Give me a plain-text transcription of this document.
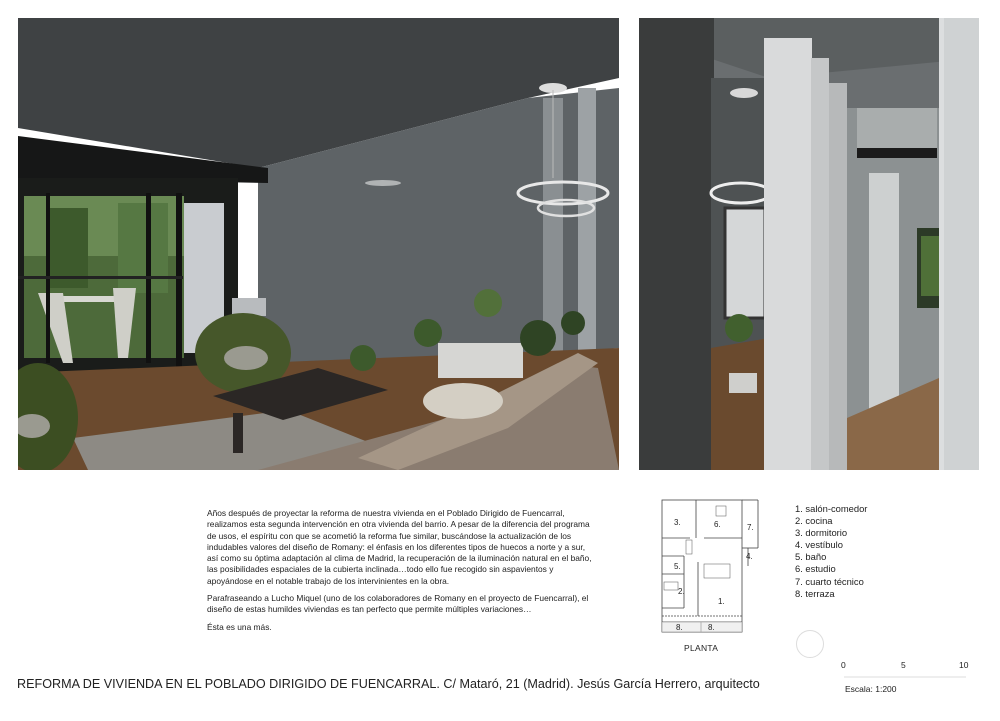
Años después de proyectar la reforma de nuestra vivienda en el Poblado Dirigido de Fuencarral, realizamos esta segunda intervención en otra vivienda del barrio. A pesar de la diferencia del programa de usos, el espíritu con que se acometió la reforma fue similar, buscándose la actualización de los indudables valores del diseño de Romany: el énfasis en los diferentes tipos de huecos a norte y a sur, así como su óptima adaptación al clima de Madrid, la recuperación de la iluminación natural en el baño, las posibilidades espaciales de la cubierta inclinada…todo ello fue recogido sin aspavientos y apoyándose en el notable trabajo de los intervinientes en la obra.

Parafraseando a Lucho Miquel (uno de los colaboradores de Romany en el proyecto de Fuencarral), el diseño de estas humildes viviendas es tan perfecto que permite múltiples variaciones…

Ésta es una más.

3.	6.	7.
4.
5.
2.
1.
8.	8.
PLANTA
1. salón-comedor
2. cocina
3. dormitorio
4. vestíbulo
5. baño
6. estudio
7. cuarto técnico
8. terraza
0	5	10
Escala: 1:200
REFORMA DE VIVIENDA EN EL POBLADO DIRIGIDO DE FUENCARRAL. C/ Mataró, 21 (Madrid). Jesús García Herrero, arquitecto
